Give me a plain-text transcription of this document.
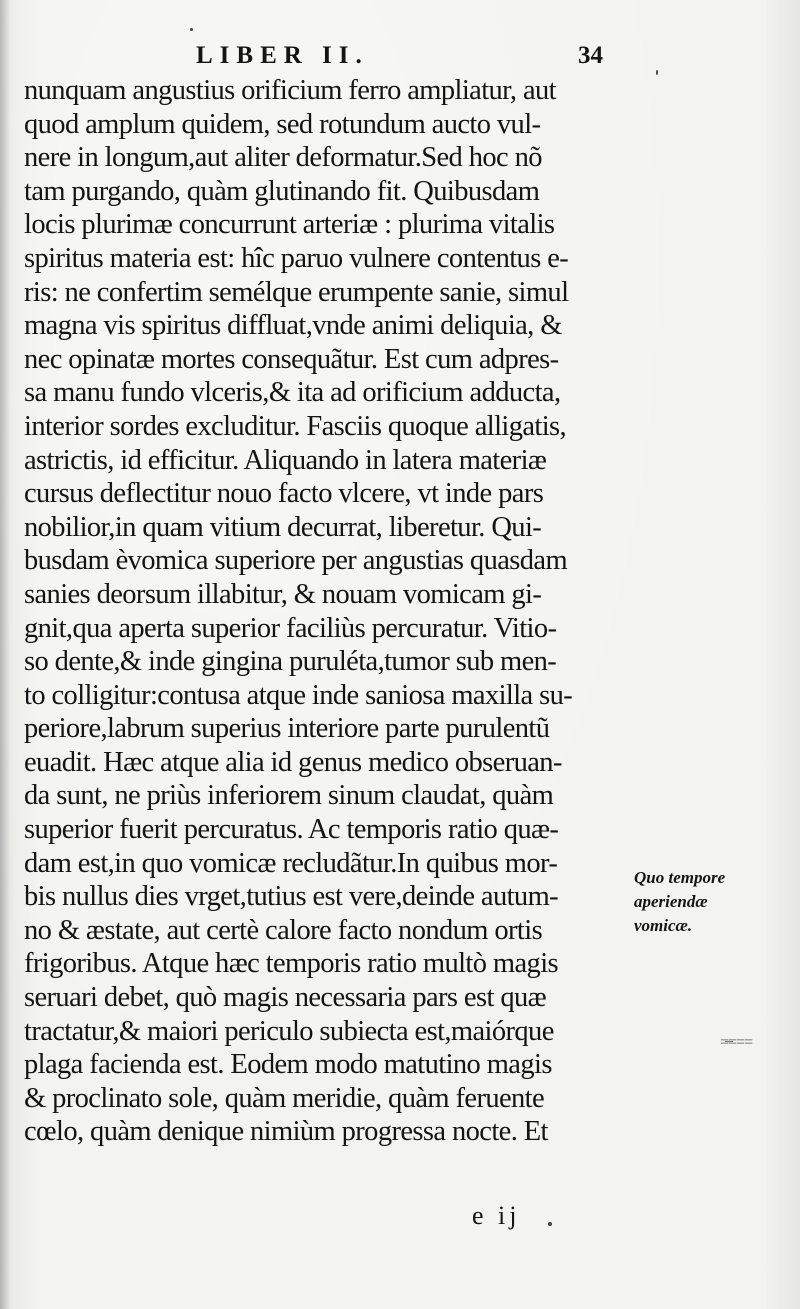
LIBER II.	34
nunquam angustius orificium ferro ampliatur, aut
quod amplum quidem, sed rotundum aucto vul-
nere in longum,aut aliter deformatur.Sed hoc nõ
tam purgando, quàm glutinando fit. Quibusdam
locis plurimæ concurrunt arteriæ : plurima vitalis
spiritus materia est: hîc paruo vulnere contentus e-
ris: ne confertim semélque erumpente sanie, simul
magna vis spiritus diffluat,vnde animi deliquia, &
nec opinatæ mortes consequãtur. Est cum adpres-
sa manu fundo vlceris,& ita ad orificium adducta,
interior sordes excluditur. Fasciis quoque alligatis,
astrictis, id efficitur. Aliquando in latera materiæ
cursus deflectitur nouo facto vlcere, vt inde pars
nobilior,in quam vitium decurrat, liberetur. Qui-
busdam èvomica superiore per angustias quasdam
sanies deorsum illabitur, & nouam vomicam gi-
gnit,qua aperta superior faciliùs percuratur. Vitio-
so dente,& inde gingina puruléta,tumor sub men-
to colligitur:contusa atque inde saniosa maxilla su-
periore,labrum superius interiore parte purulentũ
euadit. Hæc atque alia id genus medico obseruan-
da sunt, ne priùs inferiorem sinum claudat, quàm
superior fuerit percuratus. Ac temporis ratio quæ-
dam est,in quo vomicæ recludãtur.In quibus mor-
bis nullus dies vrget,tutius est vere,deinde autum-
no & æstate, aut certè calore facto nondum ortis
frigoribus. Atque hæc temporis ratio multò magis
seruari debet, quò magis necessaria pars est quæ
tractatur,& maiori periculo subiecta est,maiórque
plaga facienda est. Eodem modo matutino magis
& proclinato sole, quàm meridie, quàm feruente
cœlo, quàm denique nimiùm progressa nocte. Et
Quo tempore
aperiendæ
vomicæ.
=̶===
e ij
